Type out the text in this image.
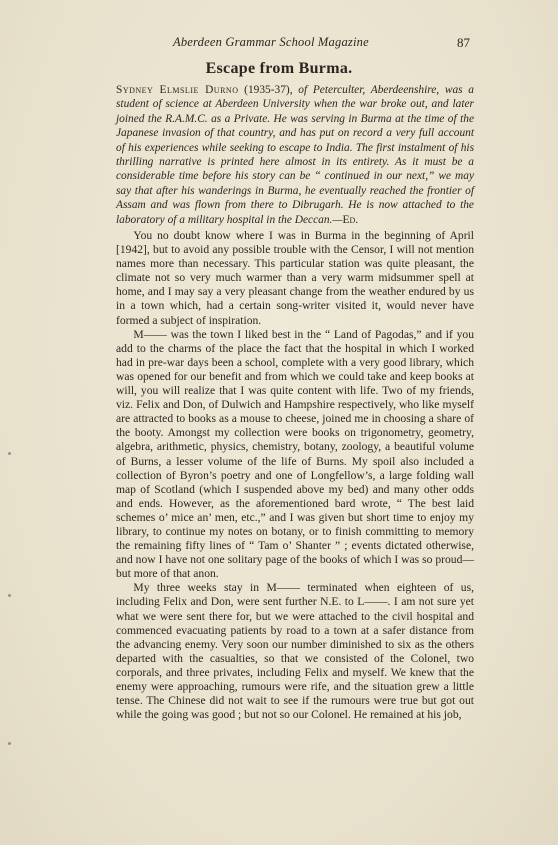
Aberdeen Grammar School Magazine	87
Escape from Burma.
Sydney Elmslie Durno (1935-37), of Peterculter, Aberdeenshire, was a student of science at Aberdeen University when the war broke out, and later joined the R.A.M.C. as a Private. He was serving in Burma at the time of the Japanese invasion of that country, and has put on record a very full account of his experiences while seeking to escape to India. The first instalment of his thrilling narrative is printed here almost in its entirety. As it must be a considerable time before his story can be “ continued in our next,” we may say that after his wanderings in Burma, he eventually reached the frontier of Assam and was flown from there to Dibrugarh. He is now attached to the laboratory of a military hospital in the Deccan.—Ed.

You no doubt know where I was in Burma in the beginning of April [1942], but to avoid any possible trouble with the Censor, I will not mention names more than necessary. This particular station was quite pleasant, the climate not so very much warmer than a very warm midsummer spell at home, and I may say a very pleasant change from the weather endured by us in a town which, had a certain song-writer visited it, would never have formed a subject of inspiration.

M—— was the town I liked best in the “ Land of Pagodas,” and if you add to the charms of the place the fact that the hospital in which I worked had in pre-war days been a school, complete with a very good library, which was opened for our benefit and from which we could take and keep books at will, you will realize that I was quite content with life. Two of my friends, viz. Felix and Don, of Dulwich and Hampshire respectively, who like myself are attracted to books as a mouse to cheese, joined me in choosing a share of the booty. Amongst my collection were books on trigonometry, geometry, algebra, arithmetic, physics, chemistry, botany, zoology, a beautiful volume of Burns, a lesser volume of the life of Burns. My spoil also included a collection of Byron’s poetry and one of Longfellow’s, a large folding wall map of Scotland (which I suspended above my bed) and many other odds and ends. However, as the aforementioned bard wrote, “ The best laid schemes o’ mice an’ men, etc.,” and I was given but short time to enjoy my library, to continue my notes on botany, or to finish committing to memory the remaining fifty lines of “ Tam o’ Shanter ” ; events dictated otherwise, and now I have not one solitary page of the books of which I was so proud—but more of that anon.

My three weeks stay in M—— terminated when eighteen of us, including Felix and Don, were sent further N.E. to L——. I am not sure yet what we were sent there for, but we were attached to the civil hospital and commenced evacuating patients by road to a town at a safer distance from the advancing enemy. Very soon our number diminished to six as the others departed with the casualties, so that we consisted of the Colonel, two corporals, and three privates, including Felix and myself. We knew that the enemy were approaching, rumours were rife, and the situation grew a little tense. The Chinese did not wait to see if the rumours were true but got out while the going was good ; but not so our Colonel. He remained at his job,
